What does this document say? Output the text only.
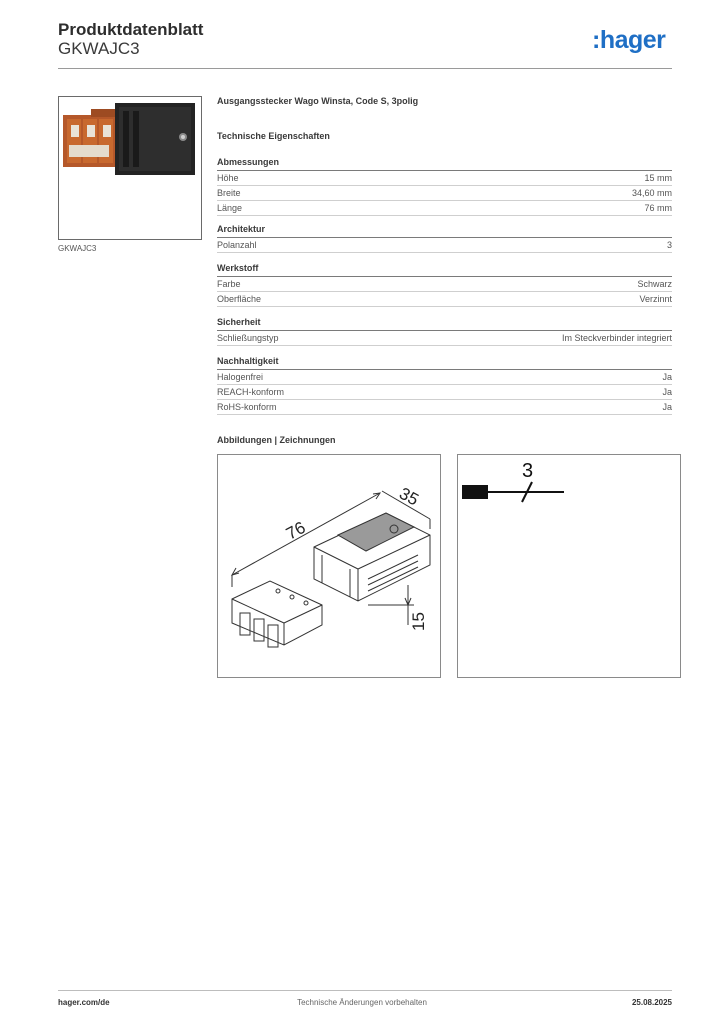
Produktdatenblatt
GKWAJC3	:hager
GKWAJC3
Ausgangsstecker Wago Winsta, Code S, 3polig
Technische Eigenschaften
Abmessungen
Höhe	15 mm
Breite	34,60 mm
Länge	76 mm
Architektur
Polanzahl	3
Werkstoff
Farbe	Schwarz
Oberfläche	Verzinnt
Sicherheit
Schließungstyp	Im Steckverbinder integriert
Nachhaltigkeit
Halogenfrei	Ja
REACH-konform	Ja
RoHS-konform	Ja
Abbildungen | Zeichnungen
76
35
15
3
hager.com/de	Technische Änderungen vorbehalten	25.08.2025
